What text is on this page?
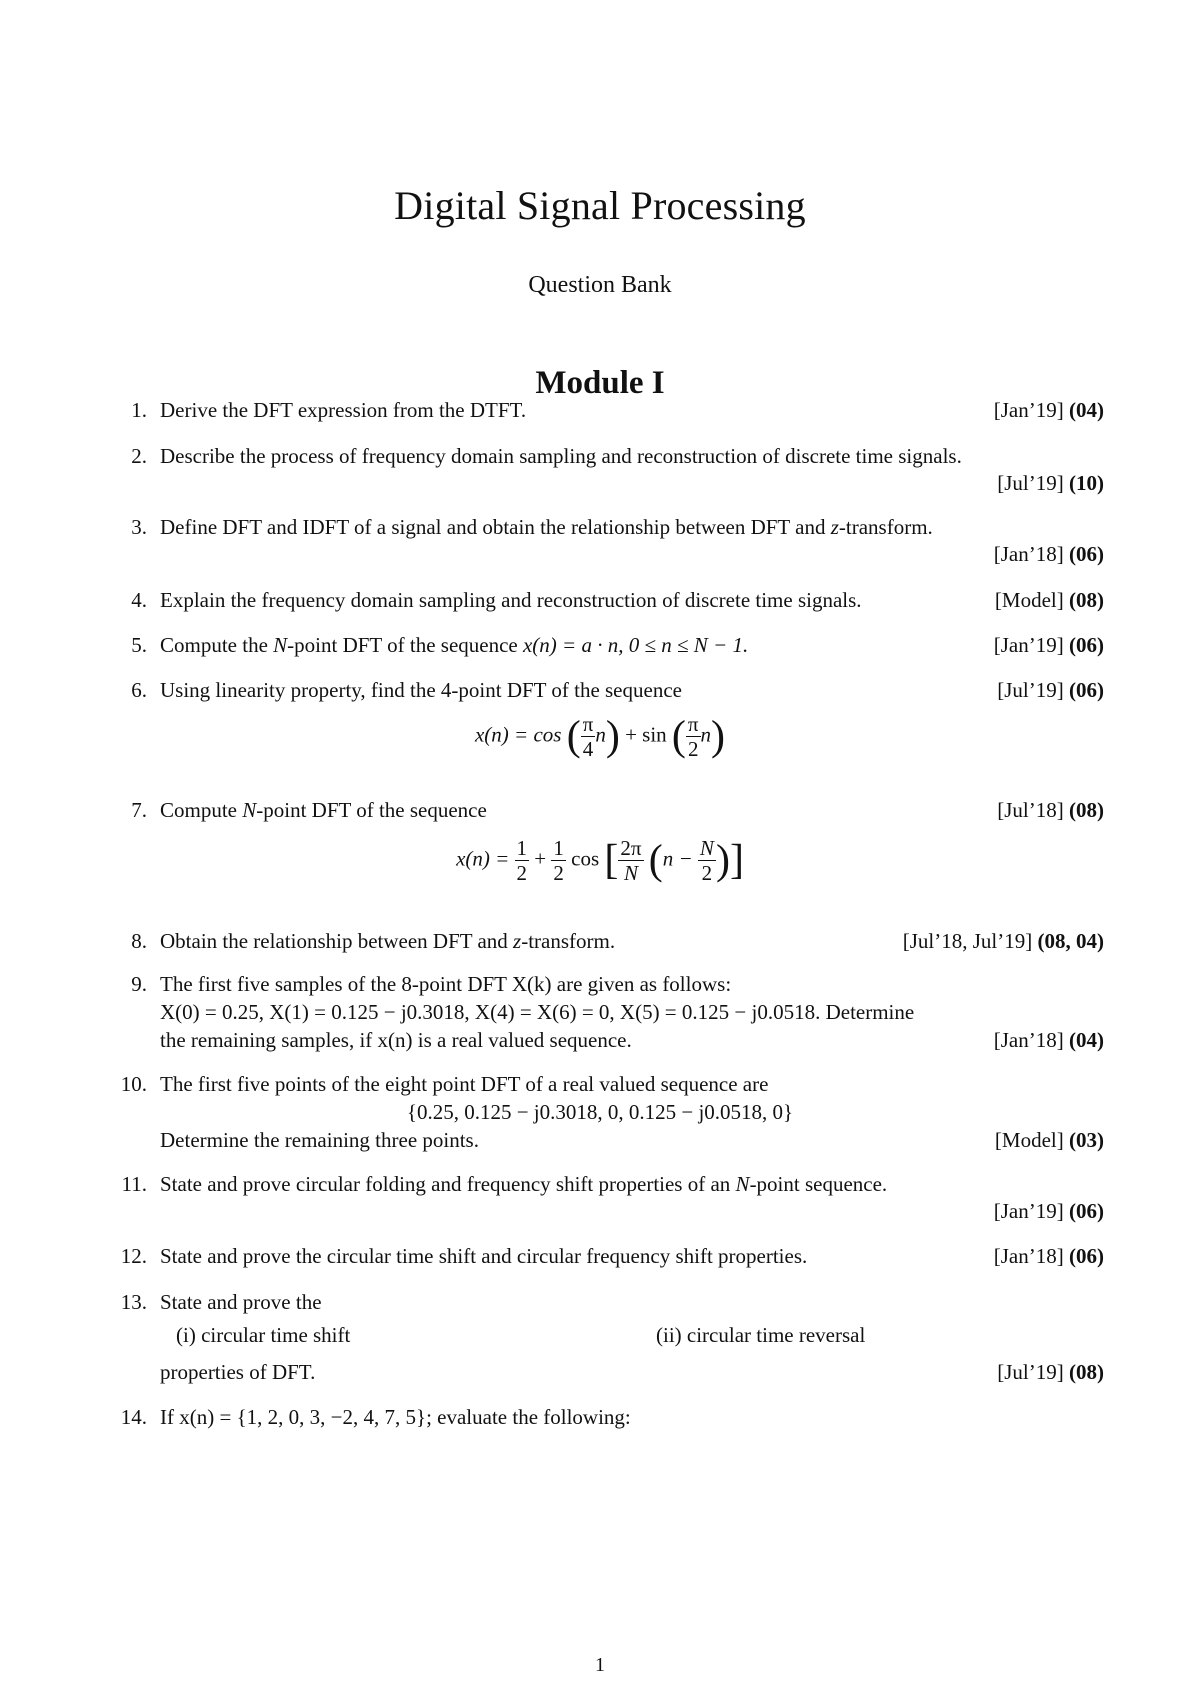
Digital Signal Processing
Question Bank
Module I
1. Derive the DFT expression from the DTFT.	[Jan’19] (04)
2. Describe the process of frequency domain sampling and reconstruction of discrete time signals.
[Jul’19] (10)
3. Define DFT and IDFT of a signal and obtain the relationship between DFT and z-transform.
[Jan’18] (06)
4. Explain the frequency domain sampling and reconstruction of discrete time signals.	[Model] (08)
5. Compute the N-point DFT of the sequence x(n) = a · n, 0 ≤ n ≤ N − 1.	[Jan’19] (06)
6. Using linearity property, find the 4-point DFT of the sequence	[Jul’19] (06)
x(n) = cos ( $\frac{\pi}{4} n) + \sin$ ( $\frac{\pi}{2} n$)
7. Compute N-point DFT of the sequence	[Jul’18] (08)
$x(n) = \frac{1}{2} + \frac{1}{2}$ cos [ $\frac{2\pi}{N} (n - \frac{N}{2}$ )]
8. Obtain the relationship between DFT and z-transform.	[Jul’18, Jul’19] (08, 04)
9. The first five samples of the 8-point DFT X(k) are given as follows:
X(0) = 0.25, X(1) = 0.125 − j0.3018, X(4) = X(6) = 0, X(5) = 0.125 − j0.0518. Determine
the remaining samples, if x(n) is a real valued sequence.	[Jan’18] (04)
10. The first five points of the eight point DFT of a real valued sequence are
{0.25, 0.125 − j0.3018, 0, 0.125 − j0.0518, 0}
Determine the remaining three points.	[Model] (03)
11. State and prove circular folding and frequency shift properties of an N-point sequence.
[Jan’19] (06)
12. State and prove the circular time shift and circular frequency shift properties.	[Jan’18] (06)
13. State and prove the
(i) circular time shift	(ii) circular time reversal
properties of DFT.	[Jul’19] (08)
14. If x(n) = {1, 2, 0, 3, −2, 4, 7, 5}; evaluate the following:
1
